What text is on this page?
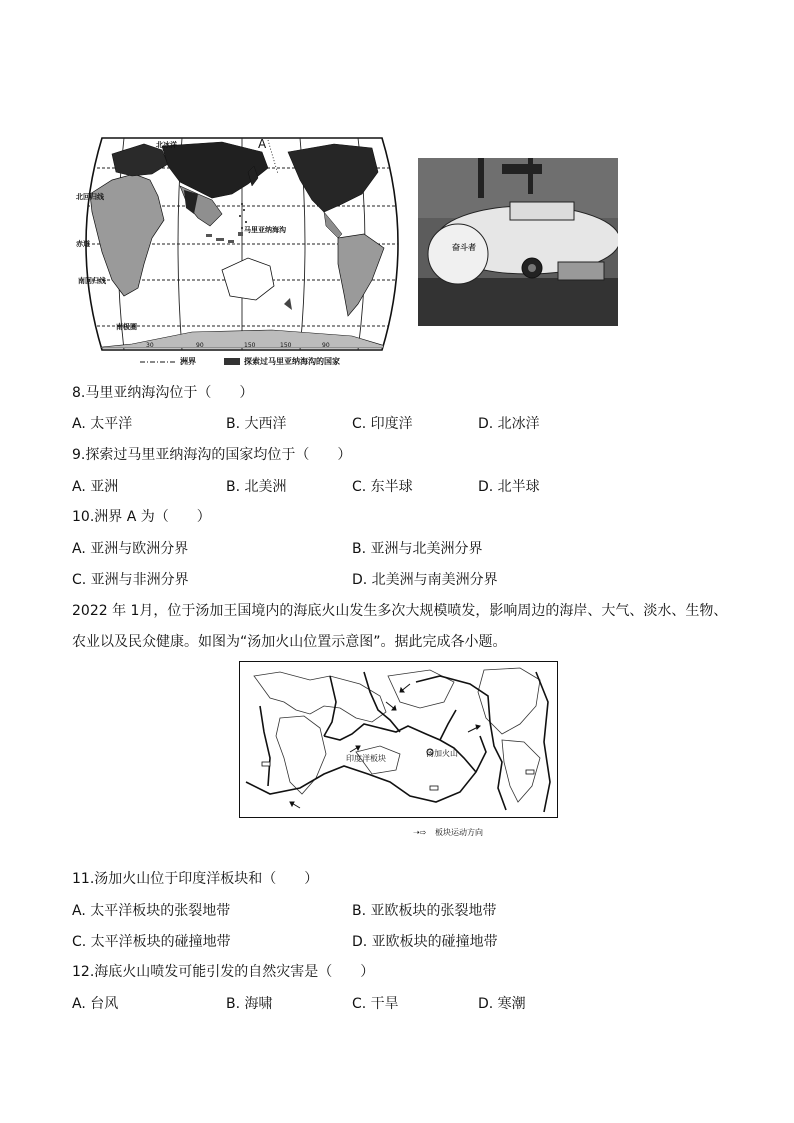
北冰洋
北回归线
赤道
南回归线
南极圈
马里亚纳海沟
A
30	90	150	150	90
洲界	探索过马里亚纳海沟的国家
奋斗者
8.马里亚纳海沟位于（　　）
A. 太平洋	B. 大西洋	C. 印度洋	D. 北冰洋
9.探索过马里亚纳海沟的国家均位于（　　）
A. 亚洲	B. 北美洲	C. 东半球	D. 北半球
10.洲界 A 为（　　）
A. 亚洲与欧洲分界	B. 亚洲与北美洲分界
C. 亚洲与非洲分界	D. 北美洲与南美洲分界

2022 年 1月，位于汤加王国境内的海底火山发生多次大规模喷发，影响周边的海岸、大气、淡水、生物、

农业以及民众健康。如图为“汤加火山位置示意图”。据此完成各小题。

印度洋板块
汤加火山
➝⇨ 板块运动方向
11.汤加火山位于印度洋板块和（　　）
A. 太平洋板块的张裂地带	B. 亚欧板块的张裂地带
C. 太平洋板块的碰撞地带	D. 亚欧板块的碰撞地带
12.海底火山喷发可能引发的自然灾害是（　　）
A. 台风	B. 海啸	C. 干旱	D. 寒潮
